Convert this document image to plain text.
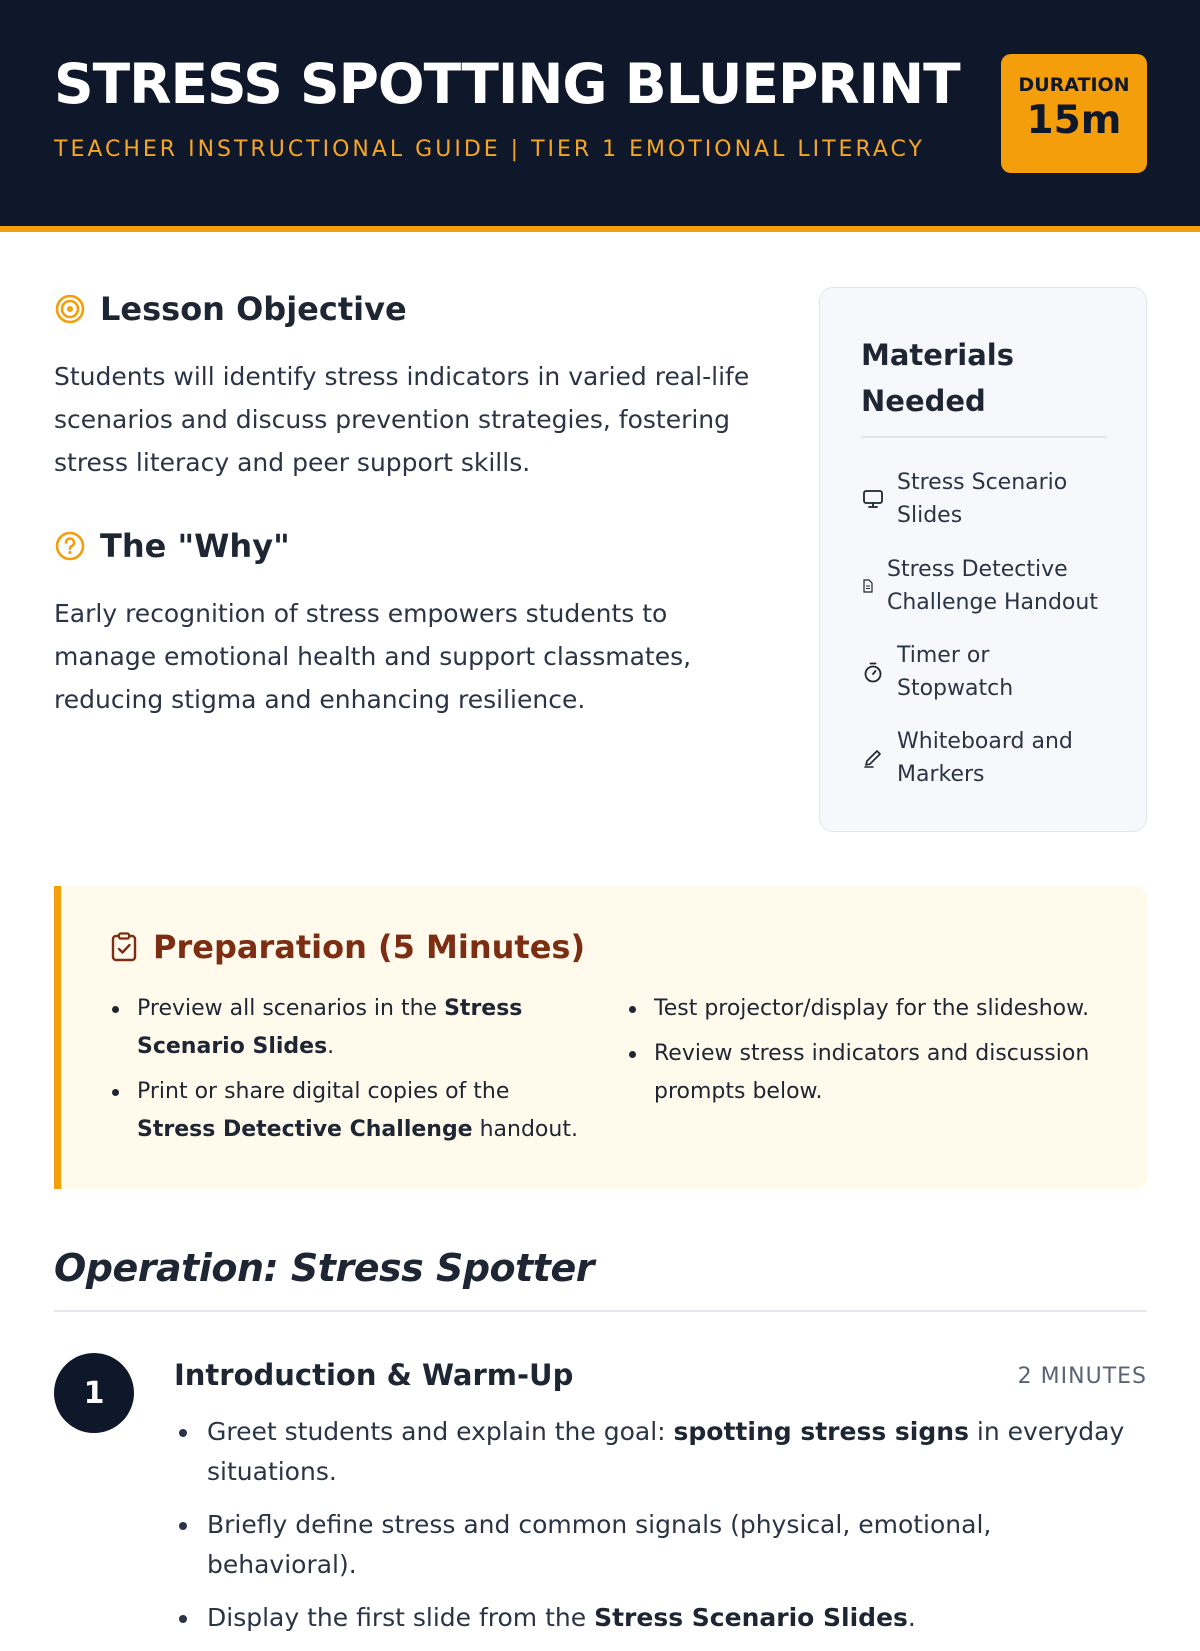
STRESS SPOTTING BLUEPRINT
TEACHER INSTRUCTIONAL GUIDE | TIER 1 EMOTIONAL LITERACY
DURATION
15m
Lesson Objective

Students will identify stress indicators in varied real-life scenarios and discuss prevention strategies, fostering stress literacy and peer support skills.

The "Why"

Early recognition of stress empowers students to manage emotional health and support classmates, reducing stigma and enhancing resilience.

Materials Needed
Stress Scenario Slides
Stress Detective Challenge Handout
Timer or Stopwatch
Whiteboard and Markers
Preparation (5 Minutes)
Preview all scenarios in the Stress Scenario Slides.
Print or share digital copies of the Stress Detective Challenge handout.
Test projector/display for the slideshow.
Review stress indicators and discussion prompts below.
Operation: Stress Spotter
1
Introduction & Warm-Up	2 MINUTES
Greet students and explain the goal: spotting stress signs in everyday situations.
Briefly define stress and common signals (physical, emotional, behavioral).
Display the first slide from the Stress Scenario Slides.
